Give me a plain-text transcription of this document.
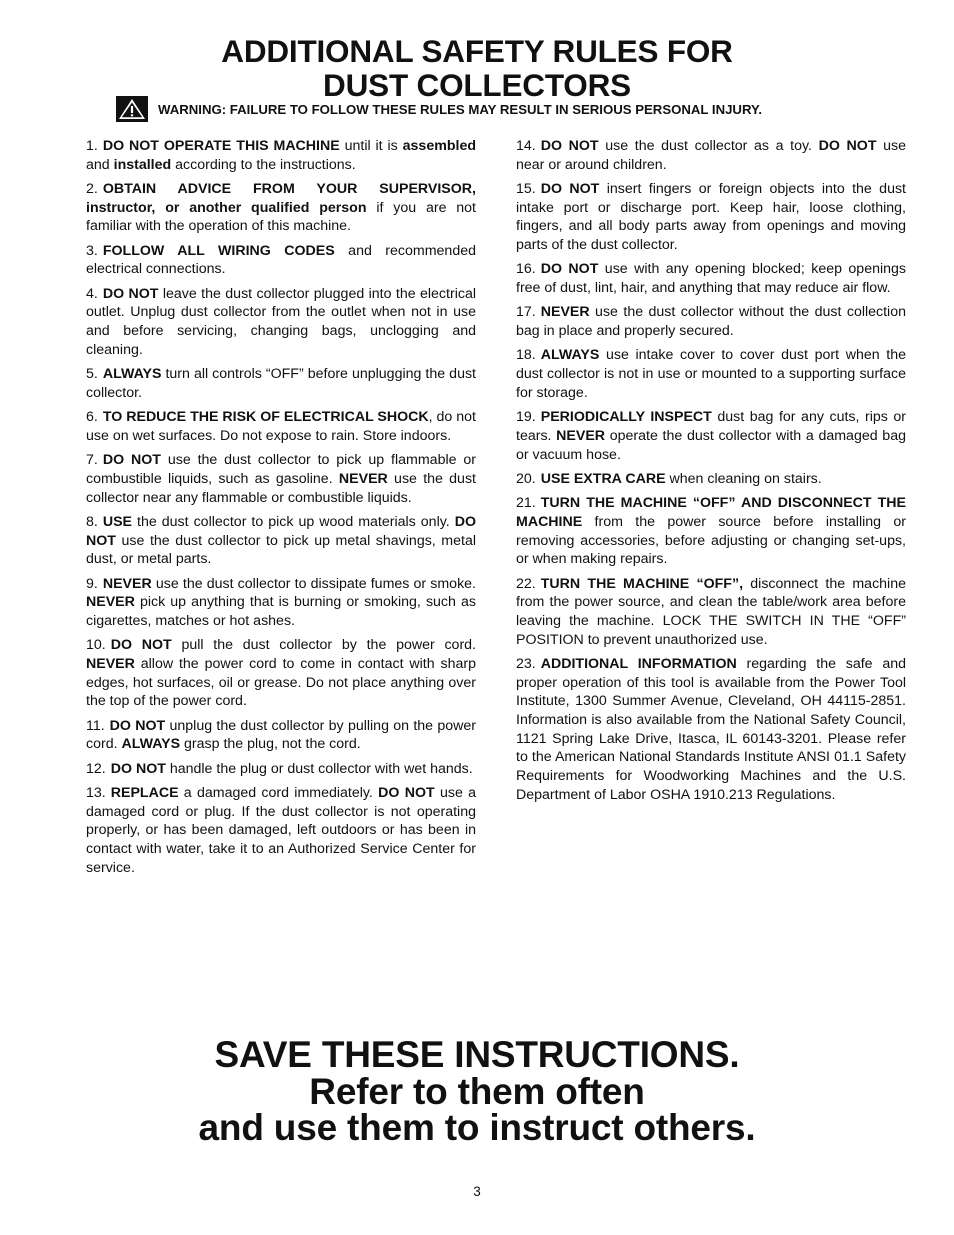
ADDITIONAL SAFETY RULES FOR
DUST COLLECTORS
WARNING: FAILURE TO FOLLOW THESE RULES MAY RESULT IN SERIOUS PERSONAL INJURY.

1. DO NOT OPERATE THIS MACHINE until it is assembled and installed according to the instructions.

2. OBTAIN ADVICE FROM YOUR SUPERVISOR, instructor, or another qualified person if you are not familiar with the operation of this machine.

3. FOLLOW ALL WIRING CODES and recommended electrical connections.

4. DO NOT leave the dust collector plugged into the electrical outlet. Unplug dust collector from the outlet when not in use and before servicing, changing bags, unclogging and cleaning.

5. ALWAYS turn all controls “OFF” before unplugging the dust collector.

6. TO REDUCE THE RISK OF ELECTRICAL SHOCK, do not use on wet surfaces. Do not expose to rain. Store indoors.

7. DO NOT use the dust collector to pick up flammable or combustible liquids, such as gasoline. NEVER use the dust collector near any flammable or combustible liquids.

8. USE the dust collector to pick up wood materials only. DO NOT use the dust collector to pick up metal shavings, metal dust, or metal parts.

9. NEVER use the dust collector to dissipate fumes or smoke. NEVER pick up anything that is burning or smoking, such as cigarettes, matches or hot ashes.

10. DO NOT pull the dust collector by the power cord. NEVER allow the power cord to come in contact with sharp edges, hot surfaces, oil or grease. Do not place anything over the top of the power cord.

11. DO NOT unplug the dust collector by pulling on the power cord. ALWAYS grasp the plug, not the cord.

12. DO NOT handle the plug or dust collector with wet hands.

13. REPLACE a damaged cord immediately. DO NOT use a damaged cord or plug. If the dust collector is not operating properly, or has been damaged, left outdoors or has been in contact with water, take it to an Authorized Service Center for service.

14. DO NOT use the dust collector as a toy. DO NOT use near or around children.

15. DO NOT insert fingers or foreign objects into the dust intake port or discharge port. Keep hair, loose clothing, fingers, and all body parts away from openings and moving parts of the dust collector.

16. DO NOT use with any opening blocked; keep openings free of dust, lint, hair, and anything that may reduce air flow.

17. NEVER use the dust collector without the dust collection bag in place and properly secured.

18. ALWAYS use intake cover to cover dust port when the dust collector is not in use or mounted to a supporting surface for storage.

19. PERIODICALLY INSPECT dust bag for any cuts, rips or tears. NEVER operate the dust collector with a damaged bag or vacuum hose.

20. USE EXTRA CARE when cleaning on stairs.

21. TURN THE MACHINE “OFF” AND DISCONNECT THE MACHINE from the power source before installing or removing accessories, before adjusting or changing set-ups, or when making repairs.

22. TURN THE MACHINE “OFF”, disconnect the machine from the power source, and clean the table/work area before leaving the machine. LOCK THE SWITCH IN THE “OFF” POSITION to prevent unauthorized use.

23. ADDITIONAL INFORMATION regarding the safe and proper operation of this tool is available from the Power Tool Institute, 1300 Summer Avenue, Cleveland, OH 44115-2851. Information is also available from the National Safety Council, 1121 Spring Lake Drive, Itasca, IL 60143-3201. Please refer to the American National Standards Institute ANSI 01.1 Safety Requirements for Woodworking Machines and the U.S. Department of Labor OSHA 1910.213 Regulations.

SAVE THESE INSTRUCTIONS.
Refer to them often
and use them to instruct others.
3
